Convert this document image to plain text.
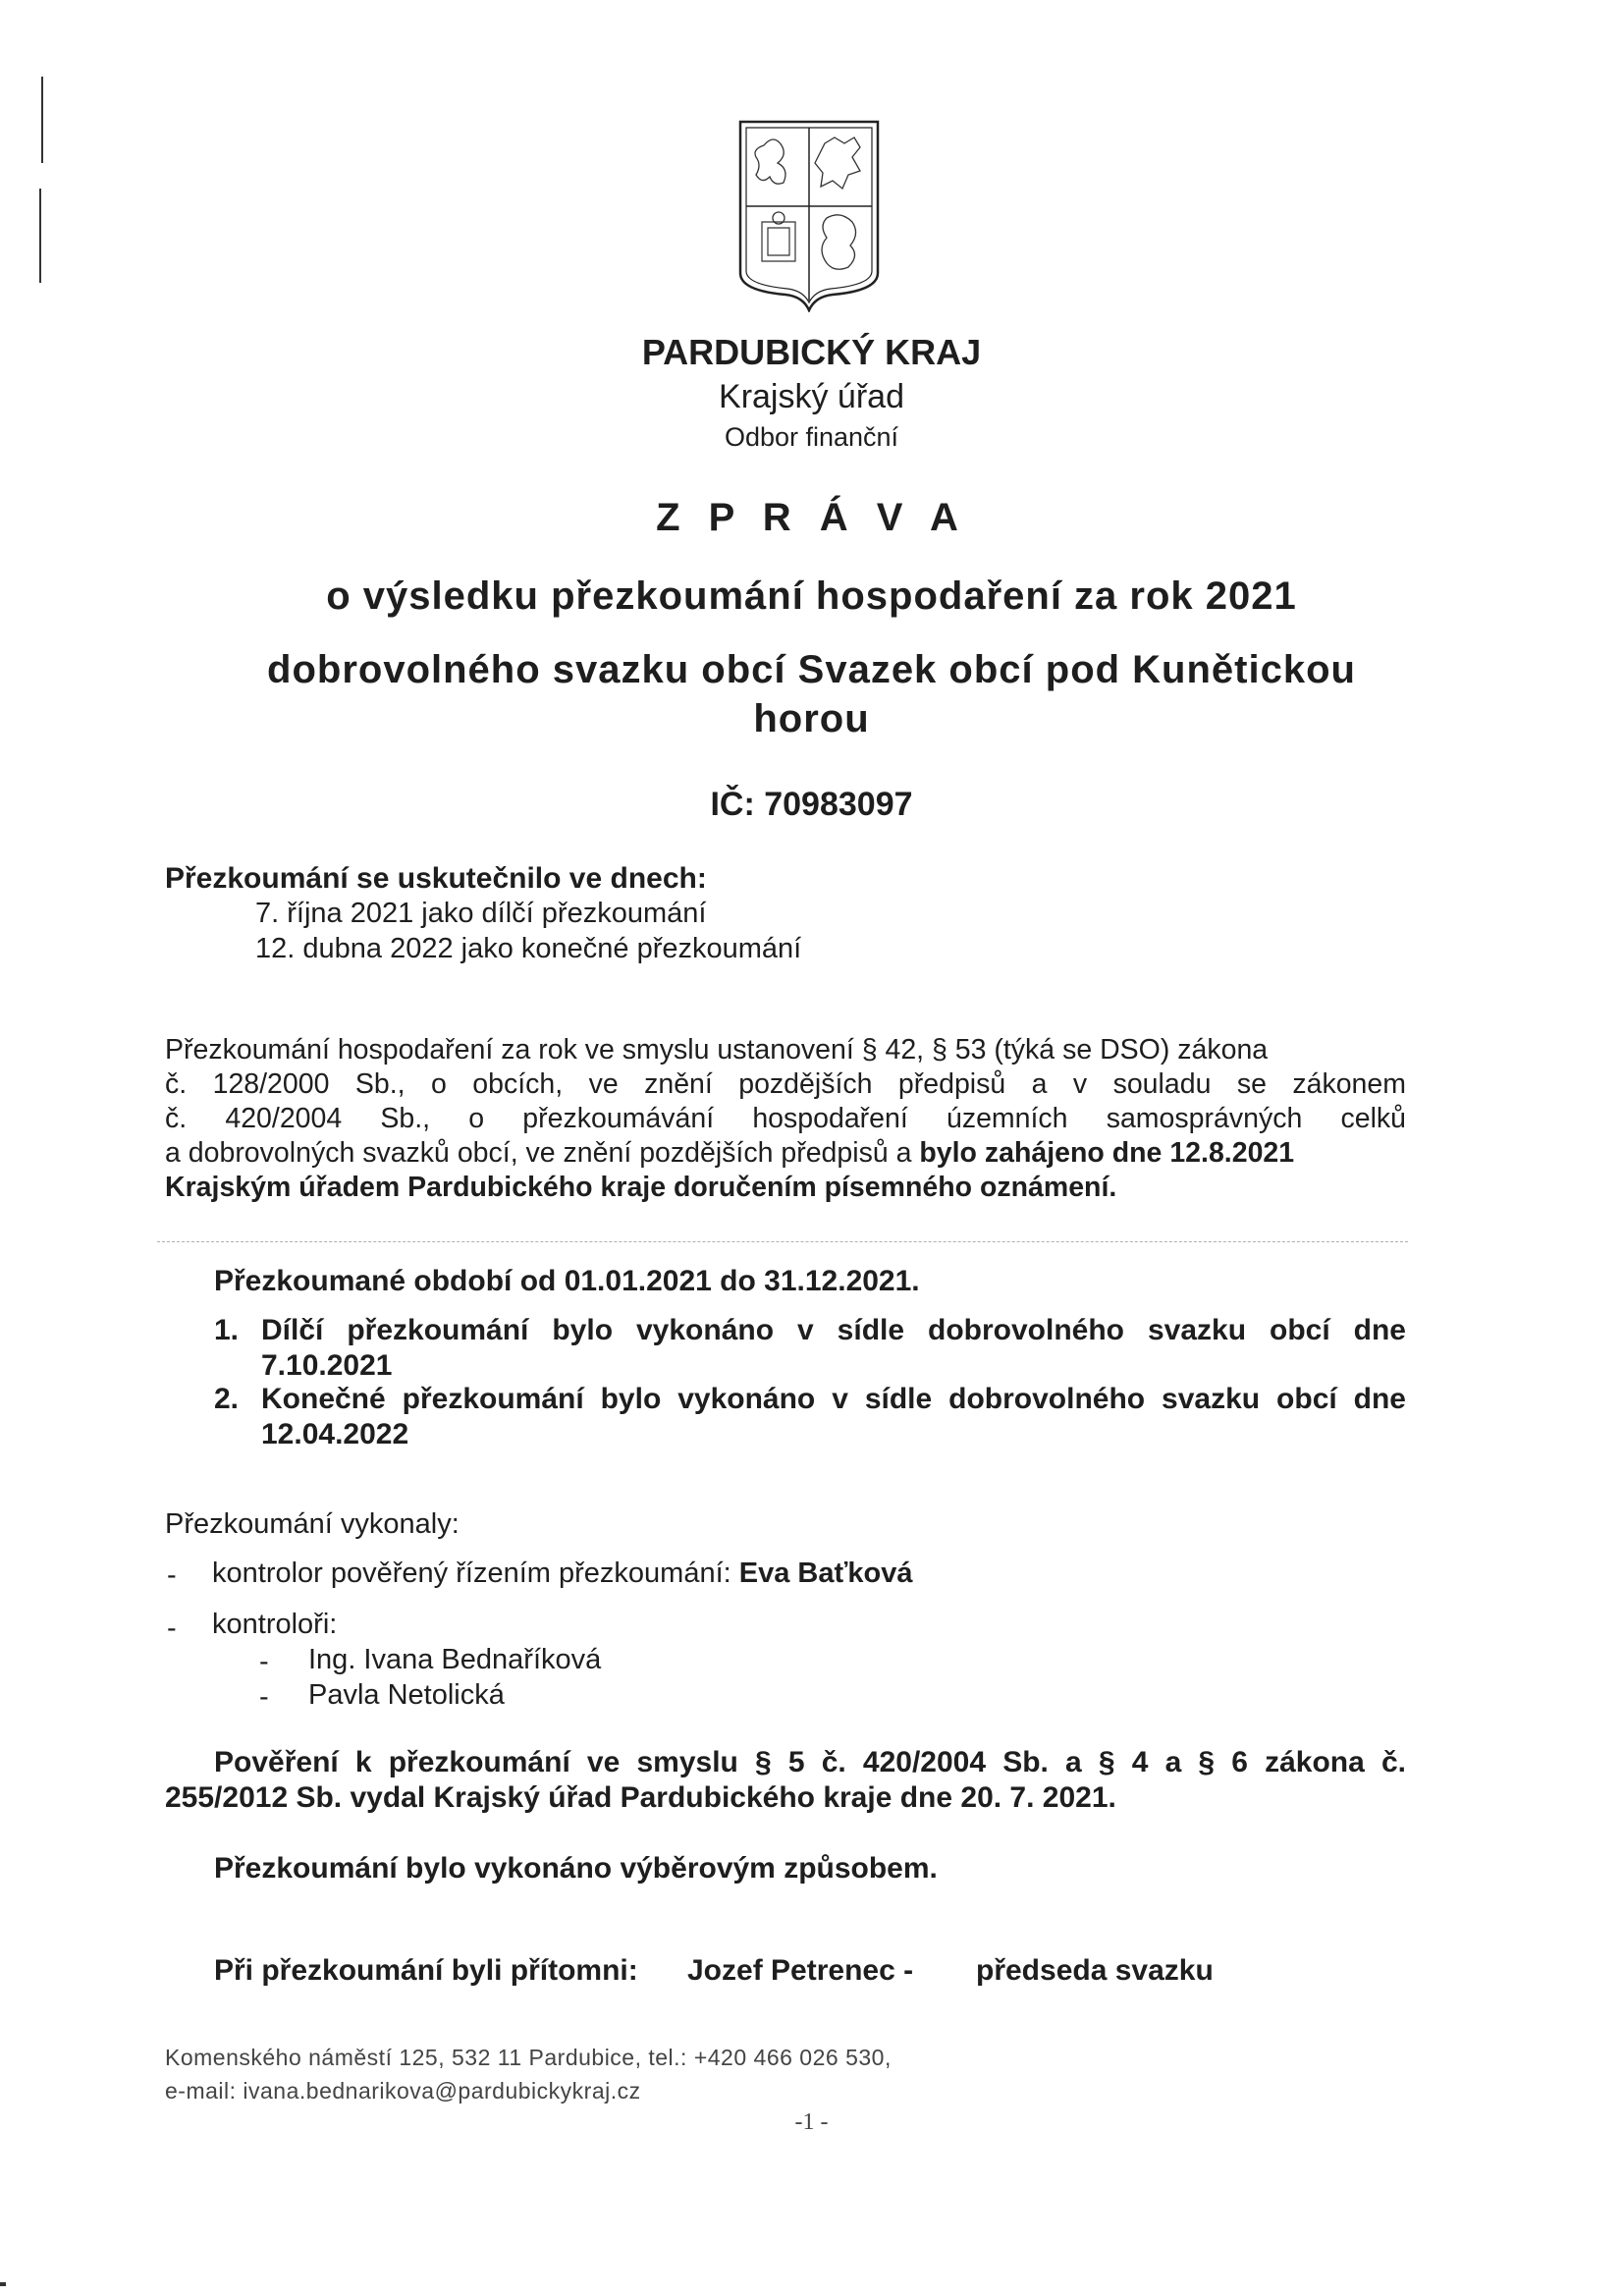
PARDUBICKÝ KRAJ
Krajský úřad
Odbor finanční
Z P R Á V A
o výsledku přezkoumání hospodaření za rok 2021
dobrovolného svazku obcí Svazek obcí pod Kunětickou
horou
IČ: 70983097
Přezkoumání se uskutečnilo ve dnech:
7. října 2021 jako dílčí přezkoumání
12. dubna 2022 jako konečné přezkoumání
Přezkoumání hospodaření za rok ve smyslu ustanovení § 42, § 53 (týká se DSO) zákona
č. 128/2000 Sb., o obcích, ve znění pozdějších předpisů a v souladu se zákonem
č. 420/2004 Sb., o přezkoumávání hospodaření územních samosprávných celků
a dobrovolných svazků obcí, ve znění pozdějších předpisů a bylo zahájeno dne 12.8.2021
Krajským úřadem Pardubického kraje doručením písemného oznámení.
Přezkoumané období od 01.01.2021 do 31.12.2021.
1. Dílčí přezkoumání bylo vykonáno v sídle dobrovolného svazku obcí dne
7.10.2021
2. Konečné přezkoumání bylo vykonáno v sídle dobrovolného svazku obcí dne
12.04.2022
Přezkoumání vykonaly:
- kontrolor pověřený řízením přezkoumání: Eva Baťková
- kontroloři:
- Ing. Ivana Bednaříková
- Pavla Netolická
Pověření k přezkoumání ve smyslu § 5 č. 420/2004 Sb. a § 4 a § 6 zákona č.
255/2012 Sb. vydal Krajský úřad Pardubického kraje dne 20. 7. 2021.
Přezkoumání bylo vykonáno výběrovým způsobem.
Při přezkoumání byli přítomni: Jozef Petrenec - předseda svazku
Komenského náměstí 125, 532 11 Pardubice, tel.: +420 466 026 530,
e-mail: ivana.bednarikova@pardubickykraj.cz
-1 -
